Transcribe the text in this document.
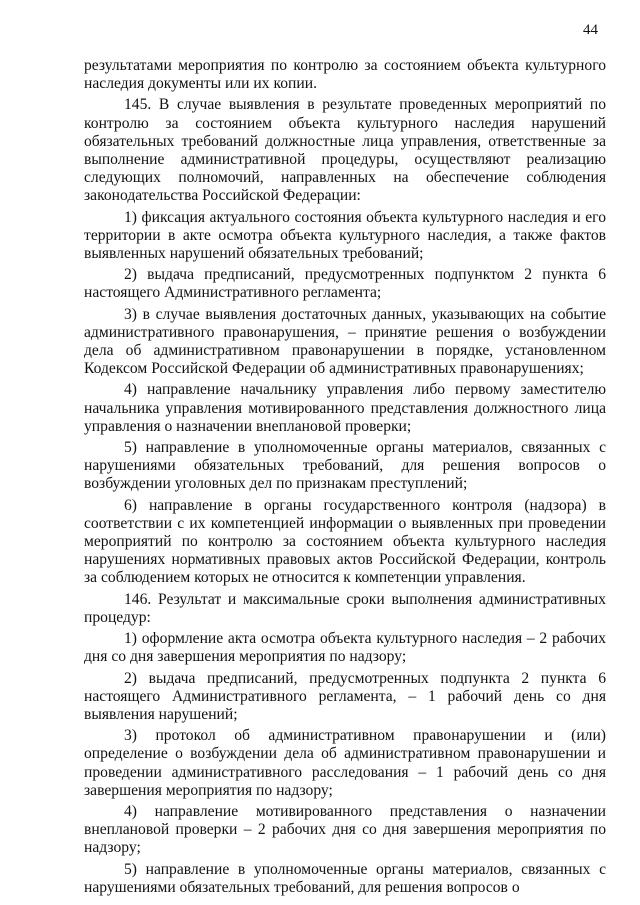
44

результатами мероприятия по контролю за состоянием объекта культурного наследия документы или их копии.

145. В случае выявления в результате проведенных мероприятий по контролю за состоянием объекта культурного наследия нарушений обязательных требований должностные лица управления, ответственные за выполнение административной процедуры, осуществляют реализацию следующих полномочий, направленных на обеспечение соблюдения законодательства Российской Федерации:

1) фиксация актуального состояния объекта культурного наследия и его территории в акте осмотра объекта культурного наследия, а также фактов выявленных нарушений обязательных требований;

2) выдача предписаний, предусмотренных подпунктом 2 пункта 6 настоящего Административного регламента;

3) в случае выявления достаточных данных, указывающих на событие административного правонарушения, – принятие решения о возбуждении дела об административном правонарушении в порядке, установленном Кодексом Российской Федерации об административных правонарушениях;

4) направление начальнику управления либо первому заместителю начальника управления мотивированного представления должностного лица управления о назначении внеплановой проверки;

5) направление в уполномоченные органы материалов, связанных с нарушениями обязательных требований, для решения вопросов о возбуждении уголовных дел по признакам преступлений;

6) направление в органы государственного контроля (надзора) в соответствии с их компетенцией информации о выявленных при проведении мероприятий по контролю за состоянием объекта культурного наследия нарушениях нормативных правовых актов Российской Федерации, контроль за соблюдением которых не относится к компетенции управления.

146. Результат и максимальные сроки выполнения административных процедур:

1) оформление акта осмотра объекта культурного наследия – 2 рабочих дня со дня завершения мероприятия по надзору;

2) выдача предписаний, предусмотренных подпункта 2 пункта 6 настоящего Административного регламента, – 1 рабочий день со дня выявления нарушений;

3) протокол об административном правонарушении и (или) определение о возбуждении дела об административном правонарушении и проведении административного расследования – 1 рабочий день со дня завершения мероприятия по надзору;

4) направление мотивированного представления о назначении внеплановой проверки – 2 рабочих дня со дня завершения мероприятия по надзору;

5) направление в уполномоченные органы материалов, связанных с нарушениями обязательных требований, для решения вопросов о
